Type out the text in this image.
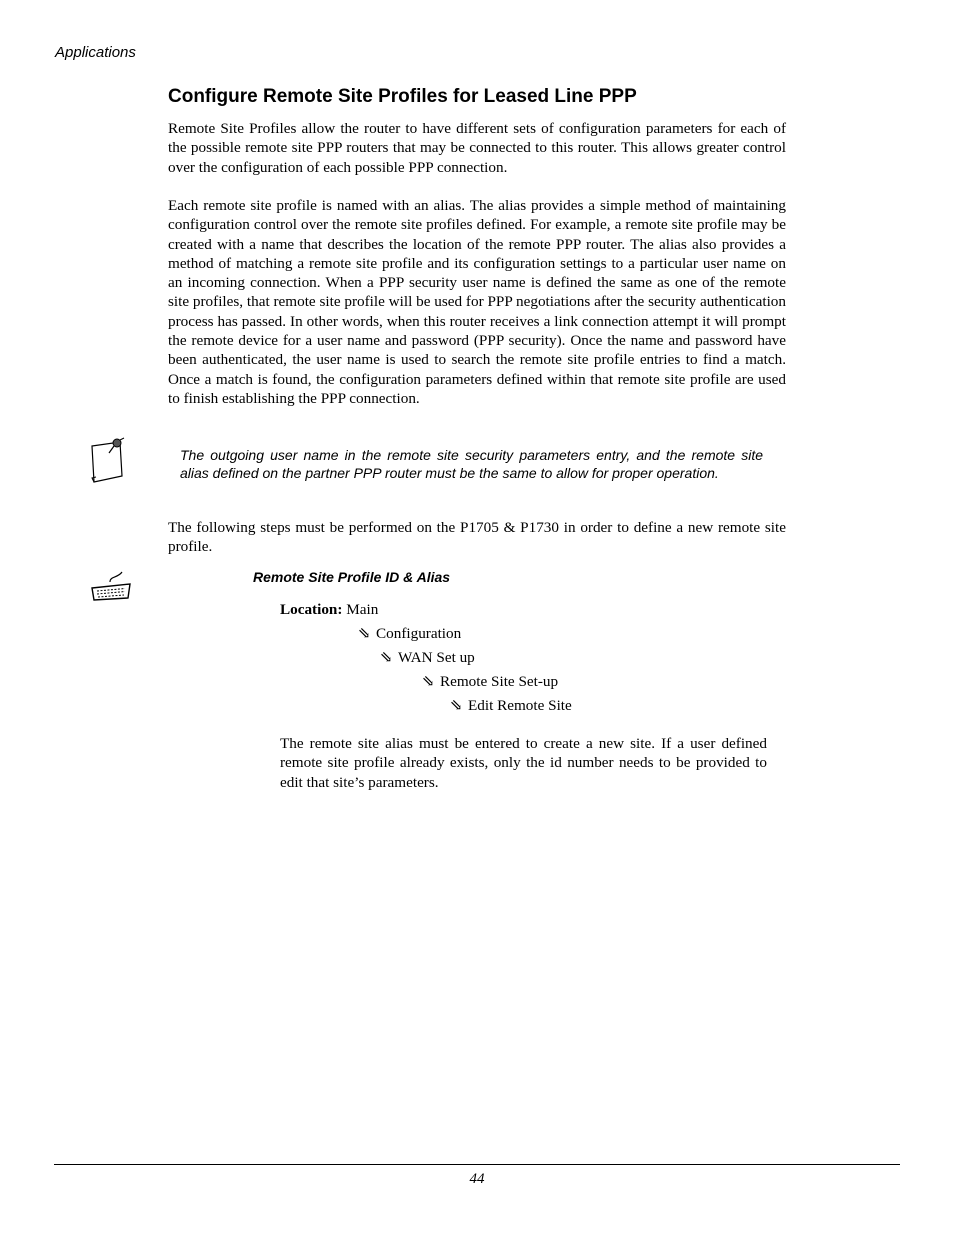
Applications
Configure Remote Site Profiles for Leased Line PPP

Remote Site Profiles allow the router to have different sets of configuration parameters for each of the possible remote site PPP routers that may be connected to this router. This allows greater control over the configuration of each possible PPP connection.

Each remote site profile is named with an alias. The alias provides a simple method of maintaining configuration control over the remote site profiles defined. For example, a remote site profile may be created with a name that describes the location of the remote PPP router. The alias also provides a method of matching a remote site profile and its configuration settings to a particular user name on an incoming connection. When a PPP security user name is defined the same as one of the remote site profiles, that remote site profile will be used for PPP negotiations after the security authentication process has passed. In other words, when this router receives a link connection attempt it will prompt the remote device for a user name and password (PPP security). Once the name and password have been authenticated, the user name is used to search the remote site profile entries to find a match. Once a match is found, the configuration parameters defined within that remote site profile are used to finish establishing the PPP connection.

The outgoing user name in the remote site security parameters entry, and the remote site alias defined on the partner PPP router must be the same to allow for proper operation.

The following steps must be performed on the P1705 & P1730 in order to define a new remote site profile.

Remote Site Profile ID & Alias
Location: Main
⇘ Configuration
⇘ WAN Set up
⇘ Remote Site Set-up
⇘ Edit Remote Site

The remote site alias must be entered to create a new site. If a user defined remote site profile already exists, only the id number needs to be provided to edit that site’s parameters.

44
